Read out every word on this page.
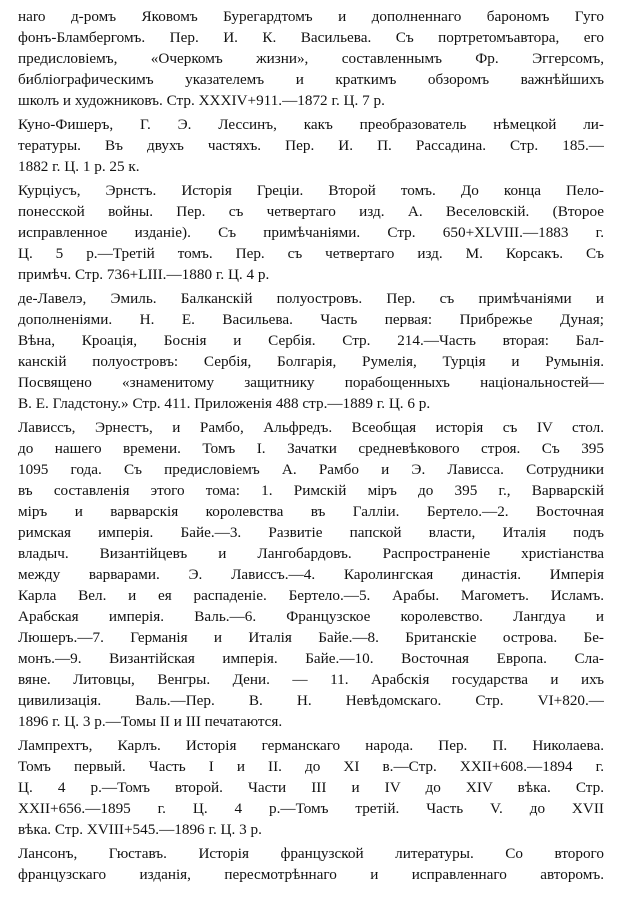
нaro д-ромъ Яковомъ Бурегардтомъ и дополненнаго барономъ Гуго
фонъ-Бламбергомъ. Пер. И. К. Васильева. Съ портретомъавтора, его
предисловіемъ, «Очеркомъ жизни», составленнымъ Фр. Эггерсомъ,
библіографическимъ указателемъ и краткимъ обзоромъ важнѣйшихъ
школъ и художниковъ. Стр. XXXIV+911.—1872 г. Ц. 7 р.
Куно-Фишеръ, Г. Э. Лессинъ, какъ преобразователь нѣмецкой ли-
тературы. Въ двухъ частяхъ. Пер. И. П. Рассадина. Стр. 185.—
1882 г. Ц. 1 р. 25 к.
Курціусъ, Эрнстъ. Исторія Греціи. Второй томъ. До конца Пело-
понесской войны. Пер. съ четвертаго изд. А. Веселовскій. (Второе
исправленное изданіе). Съ примѣчаніями. Стр. 650+XLVIII.—1883 г.
Ц. 5 р.—Третій томъ. Пер. съ четвертаго изд. М. Корсакъ. Съ
примѣч. Стр. 736+LIII.—1880 г. Ц. 4 р.
де-Лавелэ, Эмиль. Балканскій полуостровъ. Пер. съ примѣчаніями и
дополненіями. Н. Е. Васильева. Часть первая: Прибрежье Дуная;
Вѣна, Кроація, Боснія и Сербія. Стр. 214.—Часть вторая: Бал-
канскій полуостровъ: Сербія, Болгарія, Румелія, Турція и Румынія.
Посвящено «знаменитому защитнику порабощенныхъ національностей—
В. Е. Гладстону.» Стр. 411. Приложенія 488 стр.—1889 г. Ц. 6 р.
Лависсъ, Эрнестъ, и Рамбо, Альфредъ. Всеобщая исторія съ IV стол.
до нашего времени. Томъ I. Зачатки средневѣкового строя. Съ 395
1095 года. Съ предисловіемъ А. Рамбо и Э. Лависса. Сотрудники
въ составленія этого тома: 1. Римскій міръ до 395 г., Варварскій
міръ и варварскія королевства въ Галліи. Бертело.—2. Восточная
римская имперія. Байе.—3. Развитіе папской власти, Италія подъ
владыч. Византійцевъ и Лангобардовъ. Распространеніе христіанства
между варварами. Э. Лависсъ.—4. Каролингская династія. Имперія
Карла Вел. и ея распаденіе. Бертело.—5. Арабы. Магометъ. Исламъ.
Арабская имперія. Валь.—6. Французское королевство. Лангдуа и
Люшеръ.—7. Германія и Италія Байе.—8. Британскіе острова. Бе-
монъ.—9. Византійская имперія. Байе.—10. Восточная Европа. Сла-
вяне. Литовцы, Венгры. Дени. — 11. Арабскія государства и ихъ
цивилизація. Валь.—Пер. В. Н. Невѣдомскаго. Стр. VI+820.—
1896 г. Ц. 3 р.—Томы II и III печатаются.
Лампрехтъ, Карлъ. Исторія германскаго народа. Пер. П. Николаева.
Томъ первый. Часть I и II. до XI в.—Стр. XXII+608.—1894 г.
Ц. 4 р.—Томъ второй. Части III и IV до XIV вѣка. Стр.
XXII+656.—1895 г. Ц. 4 р.—Томъ третій. Часть V. до XVII
вѣка. Стр. XVIII+545.—1896 г. Ц. 3 р.
Лансонъ, Гюставъ. Исторія французской литературы. Со второго
французскаго изданія, пересмотрѣннаго и исправленнаго авторомъ.
